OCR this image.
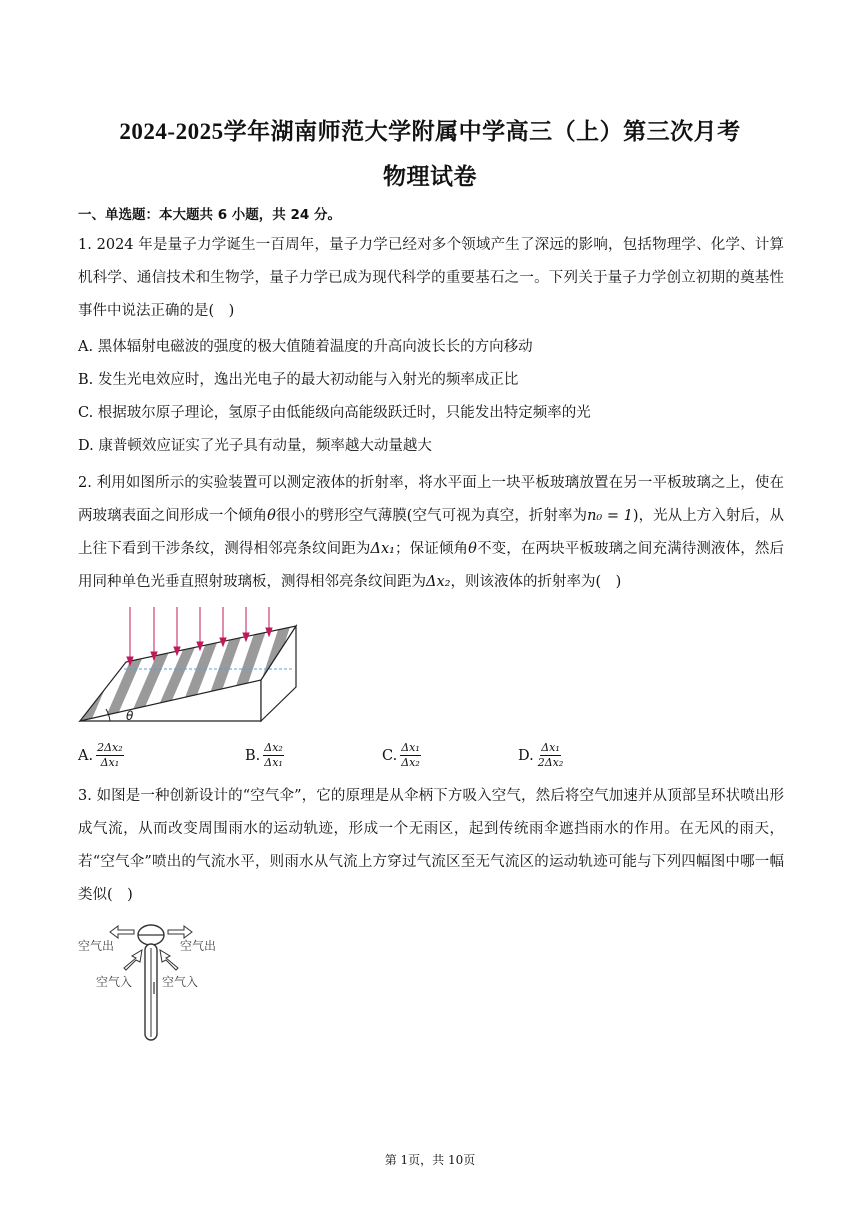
2024-2025学年湖南师范大学附属中学高三（上）第三次月考
物理试卷
一、单选题：本大题共 6 小题，共 24 分。
1. 2024 年是量子力学诞生一百周年，量子力学已经对多个领域产生了深远的影响，包括物理学、化学、计算机科学、通信技术和生物学，量子力学已成为现代科学的重要基石之一。下列关于量子力学创立初期的奠基性事件中说法正确的是(　)
A. 黑体辐射电磁波的强度的极大值随着温度的升高向波长长的方向移动
B. 发生光电效应时，逸出光电子的最大初动能与入射光的频率成正比
C. 根据玻尔原子理论，氢原子由低能级向高能级跃迁时，只能发出特定频率的光
D. 康普顿效应证实了光子具有动量，频率越大动量越大
2. 利用如图所示的实验装置可以测定液体的折射率，将水平面上一块平板玻璃放置在另一平板玻璃之上，使在两玻璃表面之间形成一个倾角θ很小的劈形空气薄膜(空气可视为真空，折射率为n₀ = 1)，光从上方入射后，从上往下看到干涉条纹，测得相邻亮条纹间距为Δx₁；保证倾角θ不变，在两块平板玻璃之间充满待测液体，然后用同种单色光垂直照射玻璃板，测得相邻亮条纹间距为Δx₂，则该液体的折射率为(　)
θ
A. $\frac{\text{2Δx₂}}{\text{Δx₁}}$	B. $\frac{\text{Δx₂}}{\text{Δx₁}}$	C. $\frac{\text{Δx₁}}{\text{Δx₂}}$	D. $\frac{\text{Δx₁}}{\text{2Δx₂}}$
3. 如图是一种创新设计的“空气伞”，它的原理是从伞柄下方吸入空气，然后将空气加速并从顶部呈环状喷出形成气流，从而改变周围雨水的运动轨迹，形成一个无雨区，起到传统雨伞遮挡雨水的作用。在无风的雨天，若“空气伞”喷出的气流水平，则雨水从气流上方穿过气流区至无气流区的运动轨迹可能与下列四幅图中哪一幅类似(　)
空气出	空气出
空气入 空气入
第 1页，共 10页
